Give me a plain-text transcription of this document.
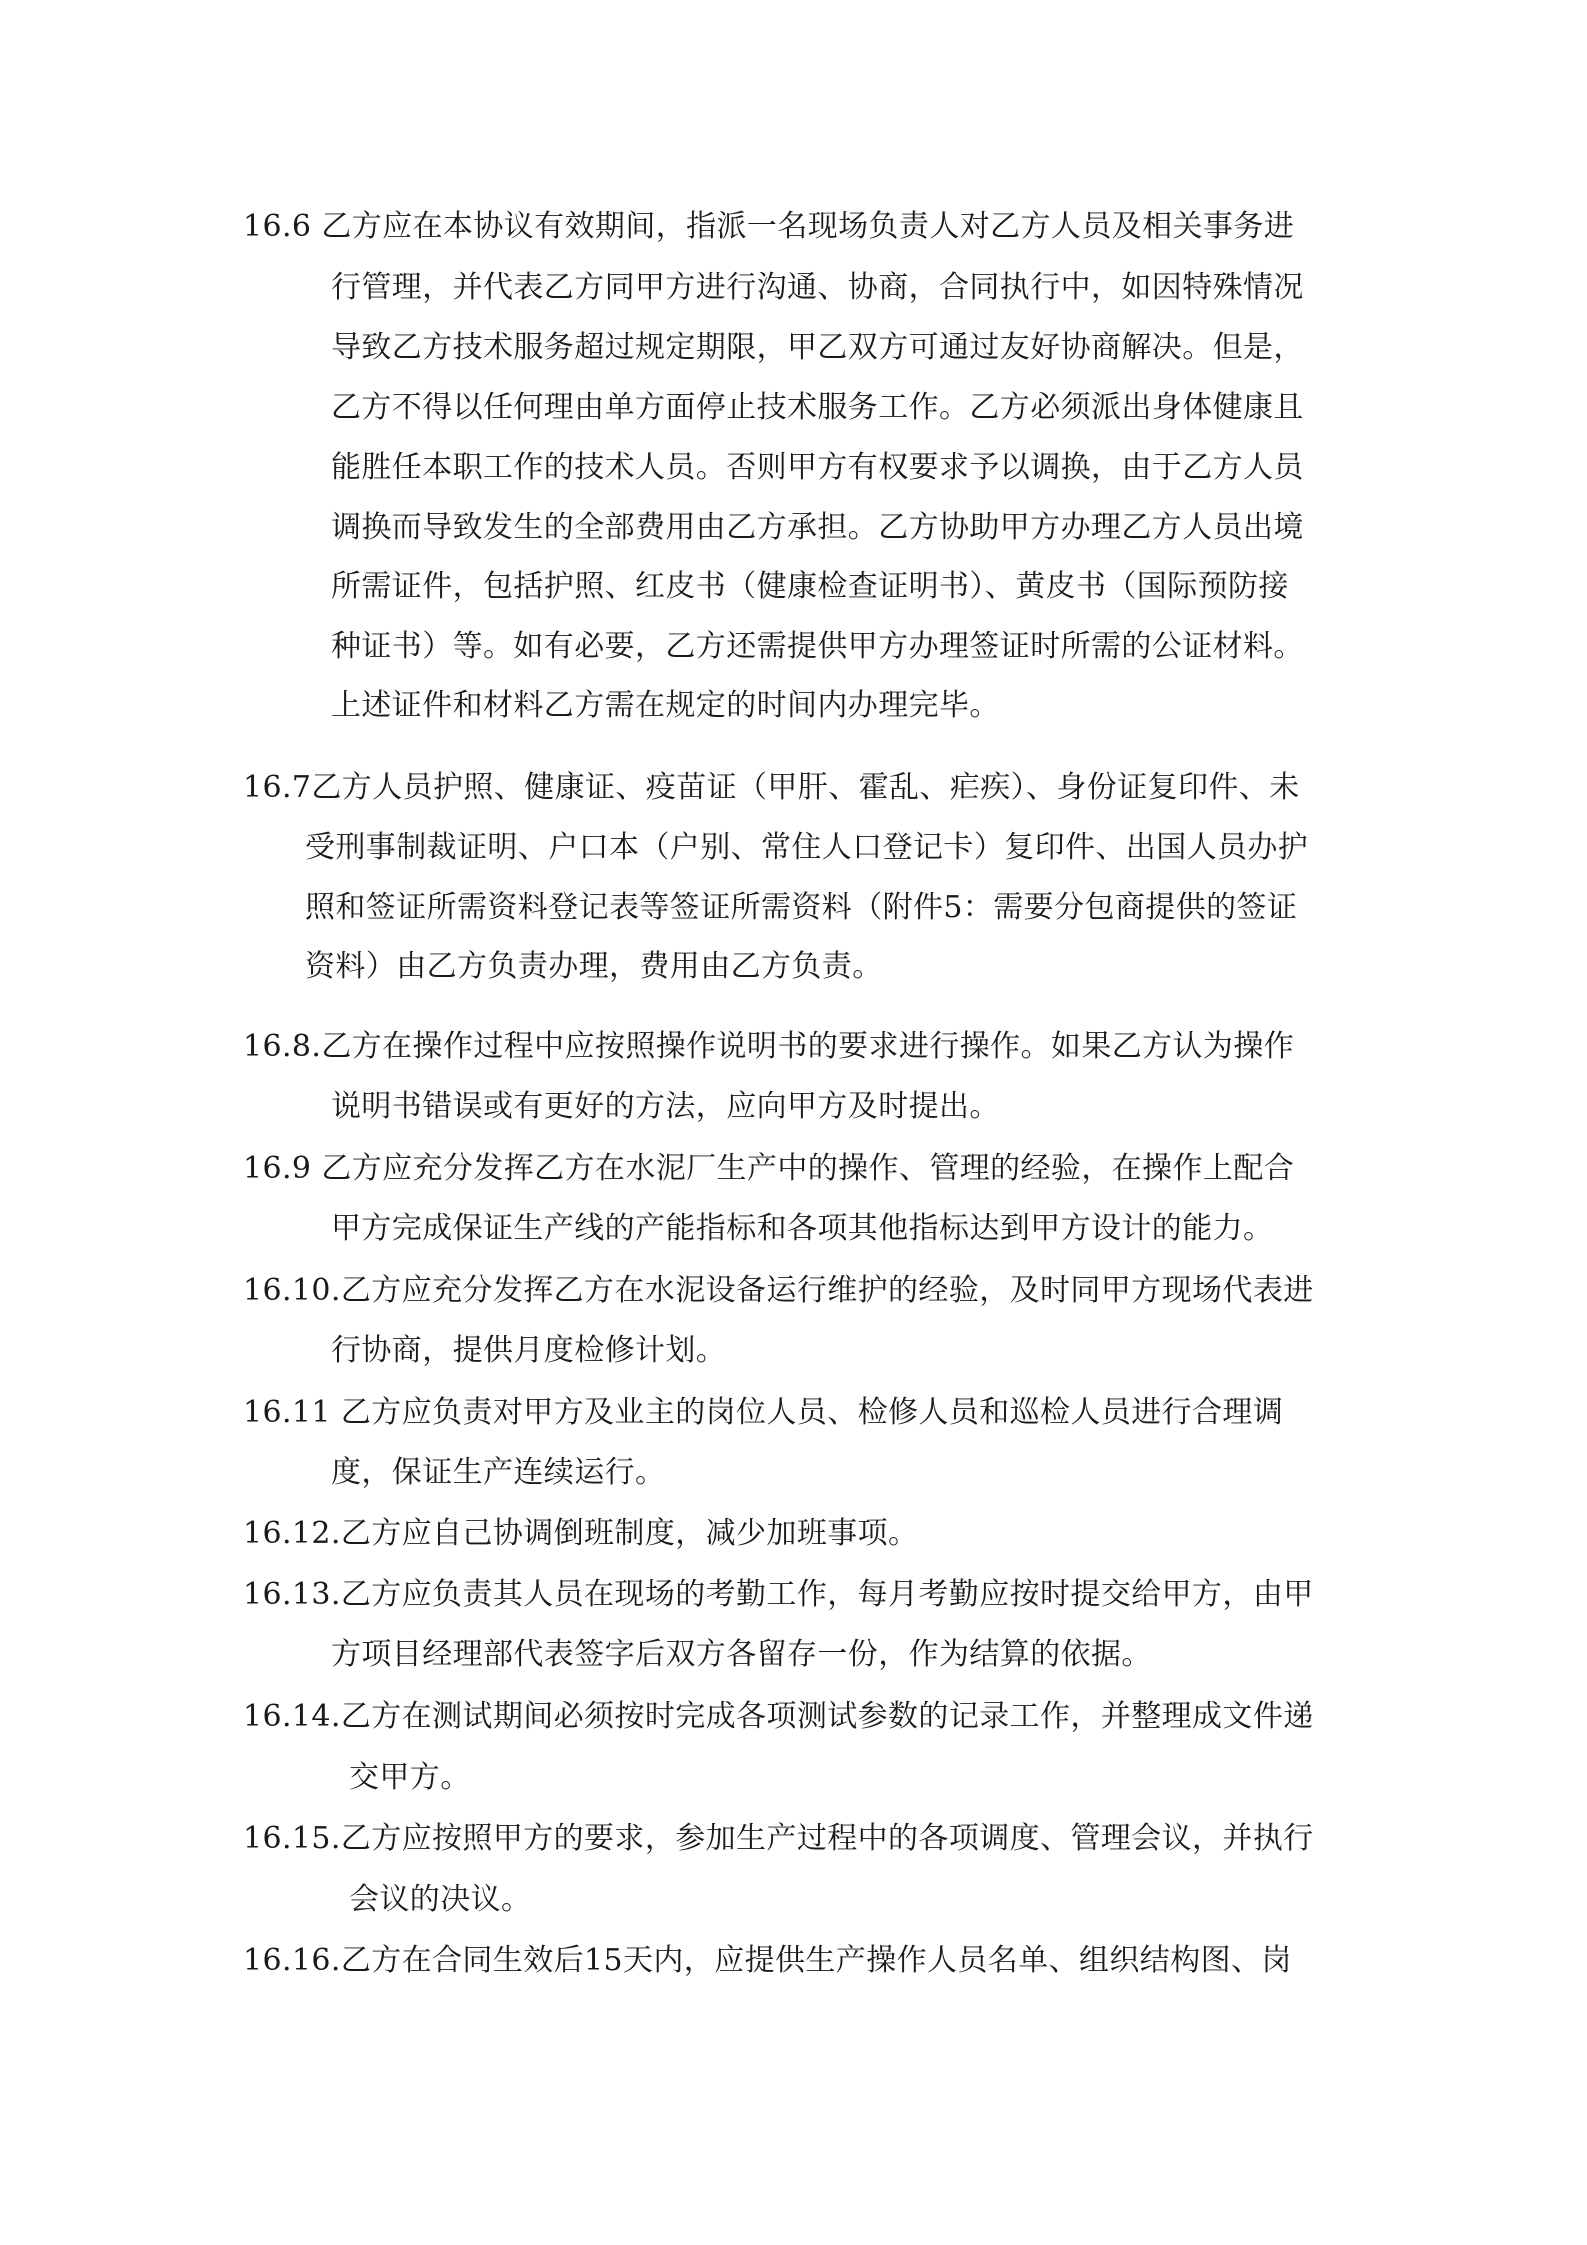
16.6 乙方应在本协议有效期间，指派一名现场负责人对乙方人员及相关事务进
行管理，并代表乙方同甲方进行沟通、协商，合同执行中，如因特殊情况
导致乙方技术服务超过规定期限，甲乙双方可通过友好协商解决。但是，
乙方不得以任何理由单方面停止技术服务工作。乙方必须派出身体健康且
能胜任本职工作的技术人员。否则甲方有权要求予以调换，由于乙方人员
调换而导致发生的全部费用由乙方承担。乙方协助甲方办理乙方人员出境
所需证件，包括护照、红皮书（健康检查证明书）、黄皮书（国际预防接
种证书）等。如有必要，乙方还需提供甲方办理签证时所需的公证材料。
上述证件和材料乙方需在规定的时间内办理完毕。
16.7乙方人员护照、健康证、疫苗证（甲肝、霍乱、疟疾）、身份证复印件、未
受刑事制裁证明、户口本（户别、常住人口登记卡）复印件、出国人员办护
照和签证所需资料登记表等签证所需资料（附件5：需要分包商提供的签证
资料）由乙方负责办理，费用由乙方负责。
16.8.乙方在操作过程中应按照操作说明书的要求进行操作。如果乙方认为操作
说明书错误或有更好的方法，应向甲方及时提出。
16.9 乙方应充分发挥乙方在水泥厂生产中的操作、管理的经验，在操作上配合
甲方完成保证生产线的产能指标和各项其他指标达到甲方设计的能力。
16.10.乙方应充分发挥乙方在水泥设备运行维护的经验，及时同甲方现场代表进
行协商，提供月度检修计划。
16.11 乙方应负责对甲方及业主的岗位人员、检修人员和巡检人员进行合理调
度，保证生产连续运行。
16.12.乙方应自己协调倒班制度，减少加班事项。
16.13.乙方应负责其人员在现场的考勤工作，每月考勤应按时提交给甲方，由甲
方项目经理部代表签字后双方各留存一份，作为结算的依据。
16.14.乙方在测试期间必须按时完成各项测试参数的记录工作，并整理成文件递
交甲方。
16.15.乙方应按照甲方的要求，参加生产过程中的各项调度、管理会议，并执行
会议的决议。
16.16.乙方在合同生效后15天内，应提供生产操作人员名单、组织结构图、岗
